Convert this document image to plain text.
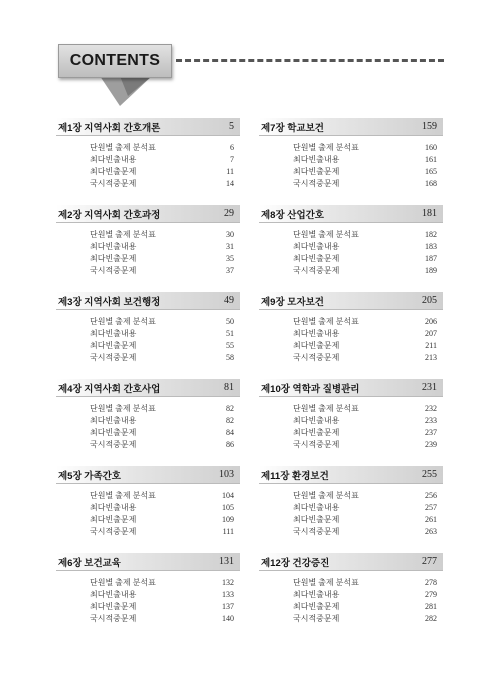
CONTENTS
제1장 지역사회 간호개론	5
단원별 출제 분석표	6
최다빈출내용	7
최다빈출문제	11
국시적중문제	14
제2장 지역사회 간호과정	29
단원별 출제 분석표	30
최다빈출내용	31
최다빈출문제	35
국시적중문제	37
제3장 지역사회 보건행정	49
단원별 출제 분석표	50
최다빈출내용	51
최다빈출문제	55
국시적중문제	58
제4장 지역사회 간호사업	81
단원별 출제 분석표	82
최다빈출내용	82
최다빈출문제	84
국시적중문제	86
제5장 가족간호	103
단원별 출제 분석표	104
최다빈출내용	105
최다빈출문제	109
국시적중문제	111
제6장 보건교육	131
단원별 출제 분석표	132
최다빈출내용	133
최다빈출문제	137
국시적중문제	140
제7장 학교보건	159
단원별 출제 분석표	160
최다빈출내용	161
최다빈출문제	165
국시적중문제	168
제8장 산업간호	181
단원별 출제 분석표	182
최다빈출내용	183
최다빈출문제	187
국시적중문제	189
제9장 모자보건	205
단원별 출제 분석표	206
최다빈출내용	207
최다빈출문제	211
국시적중문제	213
제10장 역학과 질병관리	231
단원별 출제 분석표	232
최다빈출내용	233
최다빈출문제	237
국시적중문제	239
제11장 환경보건	255
단원별 출제 분석표	256
최다빈출내용	257
최다빈출문제	261
국시적중문제	263
제12장 건강증진	277
단원별 출제 분석표	278
최다빈출내용	279
최다빈출문제	281
국시적중문제	282
